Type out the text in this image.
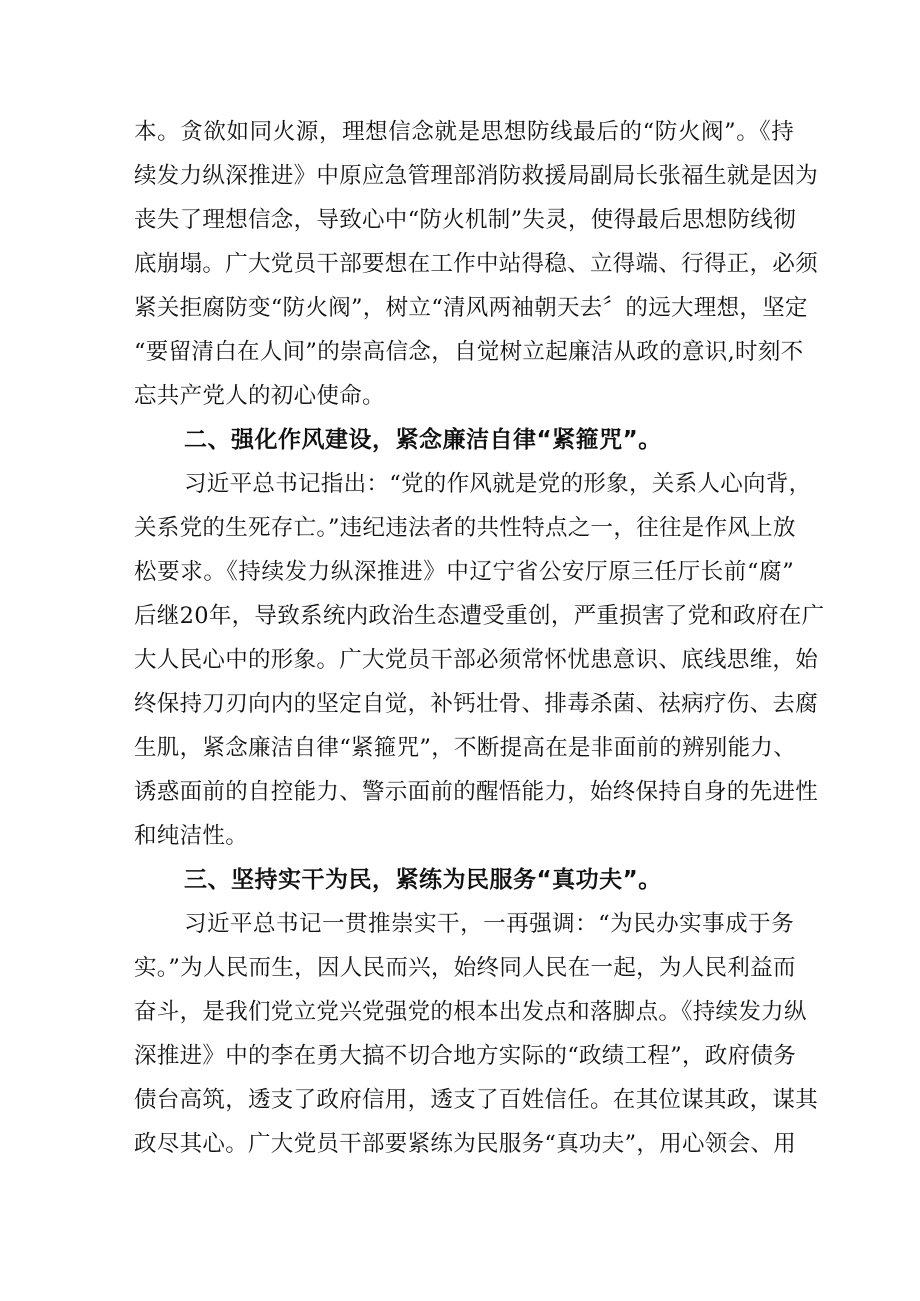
本。贪欲如同火源，理想信念就是思想防线最后的“防火阀”。《持
续发力纵深推进》中原应急管理部消防救援局副局长张福生就是因为
丧失了理想信念，导致心中“防火机制”失灵，使得最后思想防线彻
底崩塌。广大党员干部要想在工作中站得稳、立得端、行得正，必须
紧关拒腐防变“防火阀”，树立“清风两袖朝天去〞的远大理想，坚定
“要留清白在人间”的崇高信念，自觉树立起廉洁从政的意识,时刻不
忘共产党人的初心使命。
二、强化作风建设，紧念廉洁自律“紧箍咒”。
习近平总书记指出：“党的作风就是党的形象，关系人心向背，
关系党的生死存亡。”违纪违法者的共性特点之一，往往是作风上放
松要求。《持续发力纵深推进》中辽宁省公安厅原三任厅长前“腐”
后继20年，导致系统内政治生态遭受重创，严重损害了党和政府在广
大人民心中的形象。广大党员干部必须常怀忧患意识、底线思维，始
终保持刀刃向内的坚定自觉，补钙壮骨、排毒杀菌、祛病疗伤、去腐
生肌，紧念廉洁自律“紧箍咒”，不断提高在是非面前的辨别能力、
诱惑面前的自控能力、警示面前的醒悟能力，始终保持自身的先进性
和纯洁性。
三、坚持实干为民，紧练为民服务“真功夫”。
习近平总书记一贯推崇实干，一再强调：“为民办实事成于务
实。”为人民而生，因人民而兴，始终同人民在一起，为人民利益而
奋斗，是我们党立党兴党强党的根本出发点和落脚点。《持续发力纵
深推进》中的李在勇大搞不切合地方实际的“政绩工程”，政府债务
债台高筑，透支了政府信用，透支了百姓信任。在其位谋其政，谋其
政尽其心。广大党员干部要紧练为民服务“真功夫”，用心领会、用
